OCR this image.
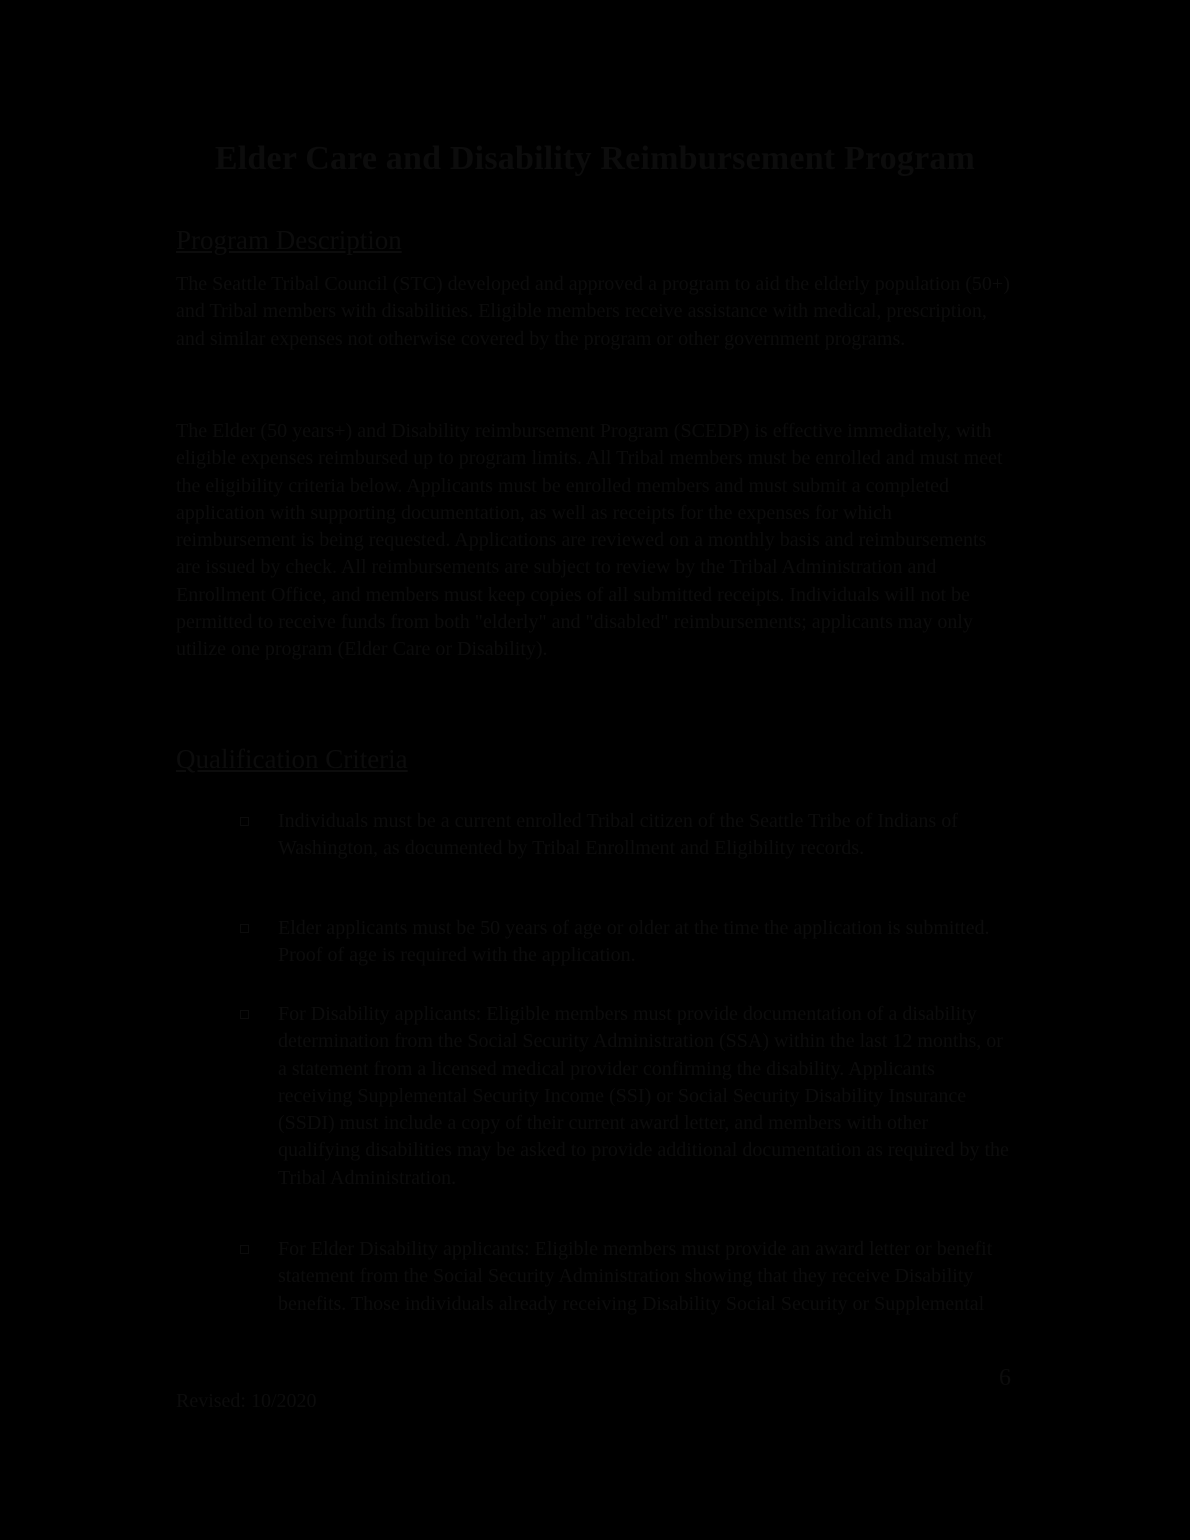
Elder Care and Disability Reimbursement Program
Program Description

The Seattle Tribal Council (STC) developed and approved a program to aid the elderly population (50+) and Tribal members with disabilities. Eligible members receive assistance with medical, prescription, and similar expenses not otherwise covered by the program or other government programs.

The Elder (50 years+) and Disability reimbursement Program (SCEDP) is effective immediately, with eligible expenses reimbursed up to program limits. All Tribal members must be enrolled and must meet the eligibility criteria below. Applicants must be enrolled members and must submit a completed application with supporting documentation, as well as receipts for the expenses for which reimbursement is being requested. Applications are reviewed on a monthly basis and reimbursements are issued by check. All reimbursements are subject to review by the Tribal Administration and Enrollment Office, and members must keep copies of all submitted receipts. Individuals will not be permitted to receive funds from both "elderly" and "disabled" reimbursements; applicants may only utilize one program (Elder Care or Disability).

Qualification Criteria
Individuals must be a current enrolled Tribal citizen of the Seattle Tribe of Indians of Washington, as documented by Tribal Enrollment and Eligibility records.
Elder applicants must be 50 years of age or older at the time the application is submitted. Proof of age is required with the application.
For Disability applicants: Eligible members must provide documentation of a disability determination from the Social Security Administration (SSA) within the last 12 months, or a statement from a licensed medical provider confirming the disability. Applicants receiving Supplemental Security Income (SSI) or Social Security Disability Insurance (SSDI) must include a copy of their current award letter, and members with other qualifying disabilities may be asked to provide additional documentation as required by the Tribal Administration.
For Elder Disability applicants: Eligible members must provide an award letter or benefit statement from the Social Security Administration showing that they receive Disability benefits. Those individuals already receiving Disability Social Security or Supplemental
6
Revised: 10/2020
